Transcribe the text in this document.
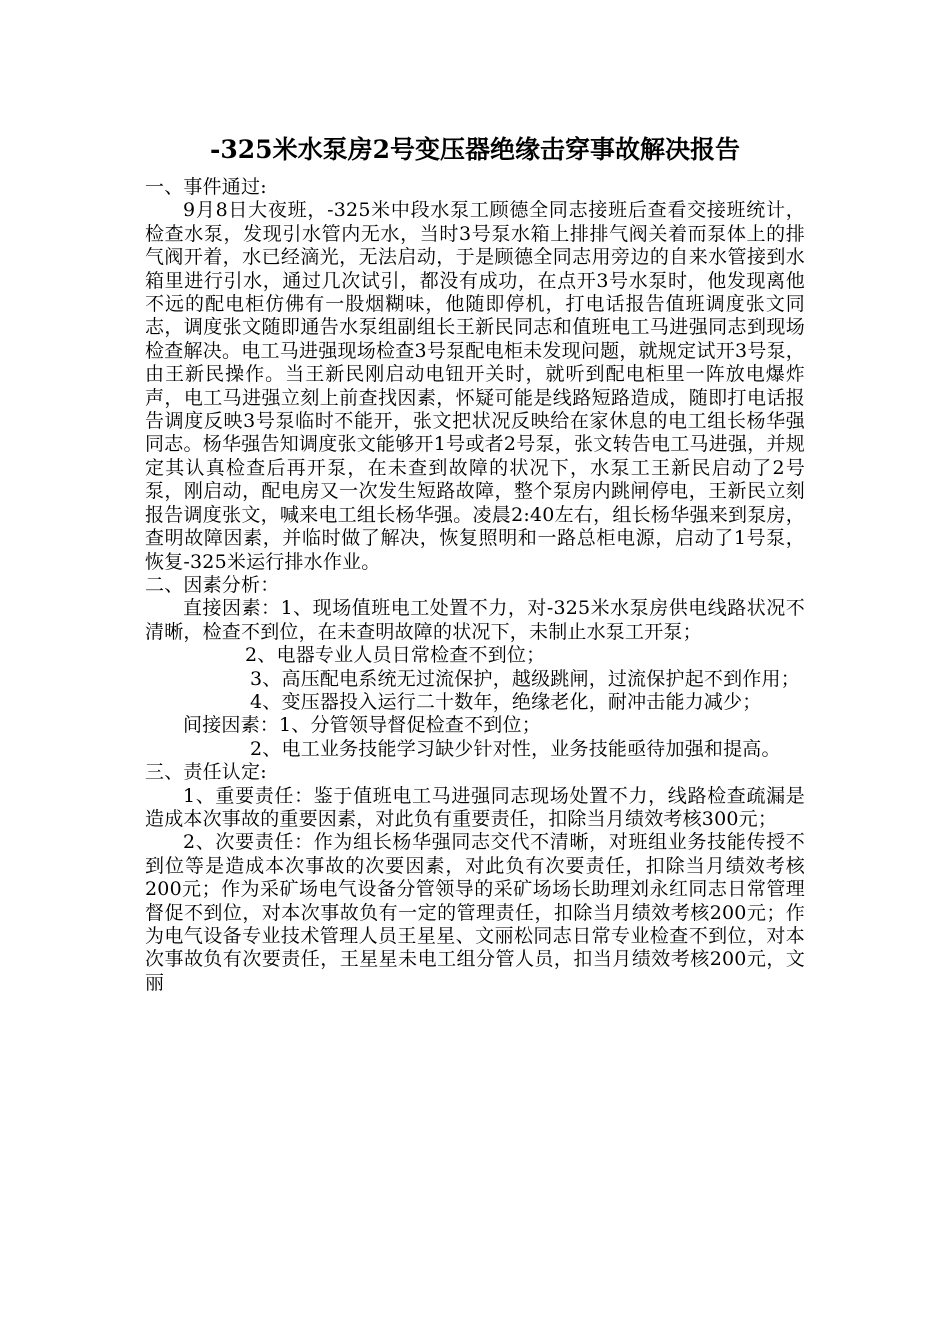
-325米水泵房2号变压器绝缘击穿事故解决报告

一、事件通过:

9月8日大夜班，-325米中段水泵工顾德全同志接班后查看交接班统计，检查水泵，发现引水管内无水，当时3号泵水箱上排排气阀关着而泵体上的排气阀开着，水已经滴光，无法启动，于是顾德全同志用旁边的自来水管接到水箱里进行引水，通过几次试引，都没有成功，在点开3号水泵时，他发现离他不远的配电柜仿佛有一股烟糊味，他随即停机，打电话报告值班调度张文同志，调度张文随即通告水泵组副组长王新民同志和值班电工马进强同志到现场检查解决。电工马进强现场检查3号泵配电柜未发现问题，就规定试开3号泵，由王新民操作。当王新民刚启动电钮开关时，就听到配电柜里一阵放电爆炸声，电工马进强立刻上前查找因素，怀疑可能是线路短路造成，随即打电话报告调度反映3号泵临时不能开，张文把状况反映给在家休息的电工组长杨华强同志。杨华强告知调度张文能够开1号或者2号泵，张文转告电工马进强，并规定其认真检查后再开泵，在未查到故障的状况下，水泵工王新民启动了2号泵，刚启动，配电房又一次发生短路故障，整个泵房内跳闸停电，王新民立刻报告调度张文，喊来电工组长杨华强。凌晨2:40左右，组长杨华强来到泵房，查明故障因素，并临时做了解决，恢复照明和一路总柜电源，启动了1号泵，恢复-325米运行排水作业。

二、因素分析：

直接因素：1、现场值班电工处置不力，对-325米水泵房供电线路状况不清晰，检查不到位，在未查明故障的状况下，未制止水泵工开泵；

2、电器专业人员日常检查不到位；

3、高压配电系统无过流保护，越级跳闸，过流保护起不到作用；

4、变压器投入运行二十数年，绝缘老化，耐冲击能力减少；

间接因素：1、分管领导督促检查不到位；

2、电工业务技能学习缺少针对性，业务技能亟待加强和提高。

三、责任认定:

1、重要责任：鉴于值班电工马进强同志现场处置不力，线路检查疏漏是造成本次事故的重要因素，对此负有重要责任，扣除当月绩效考核300元；

2、次要责任：作为组长杨华强同志交代不清晰，对班组业务技能传授不到位等是造成本次事故的次要因素，对此负有次要责任，扣除当月绩效考核200元；作为采矿场电气设备分管领导的采矿场场长助理刘永红同志日常管理督促不到位，对本次事故负有一定的管理责任，扣除当月绩效考核200元；作为电气设备专业技术管理人员王星星、文丽松同志日常专业检查不到位，对本次事故负有次要责任，王星星未电工组分管人员，扣当月绩效考核200元，文丽
